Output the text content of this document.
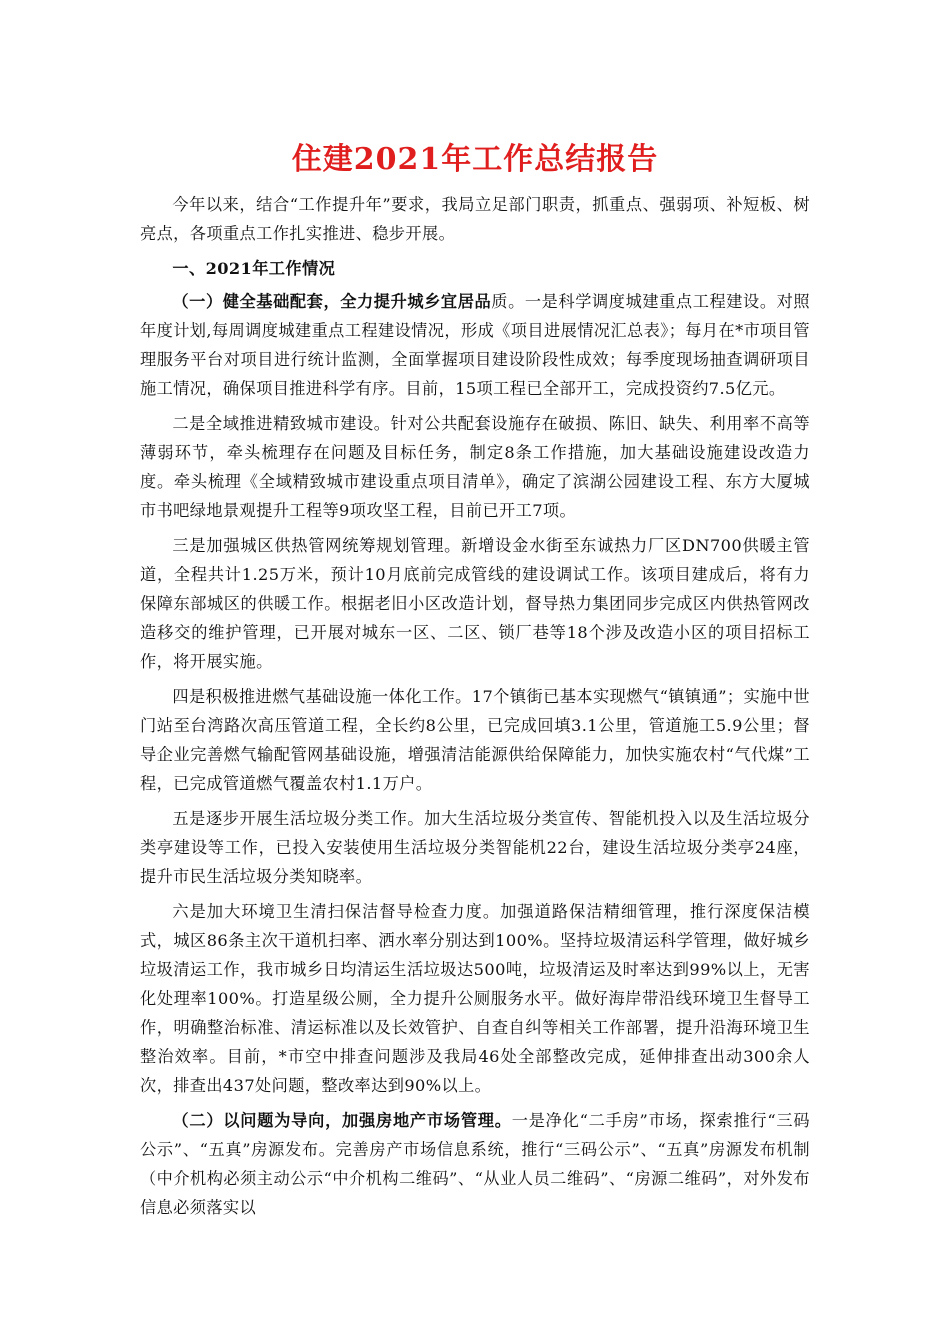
住建2021年工作总结报告

今年以来，结合“工作提升年”要求，我局立足部门职责，抓重点、强弱项、补短板、树亮点，各项重点工作扎实推进、稳步开展。

一、2021年工作情况

（一）健全基础配套，全力提升城乡宜居品质。一是科学调度城建重点工程建设。对照年度计划,每周调度城建重点工程建设情况，形成《项目进展情况汇总表》；每月在*市项目管理服务平台对项目进行统计监测，全面掌握项目建设阶段性成效；每季度现场抽查调研项目施工情况，确保项目推进科学有序。目前，15项工程已全部开工，完成投资约7.5亿元。

二是全域推进精致城市建设。针对公共配套设施存在破损、陈旧、缺失、利用率不高等薄弱环节，牵头梳理存在问题及目标任务，制定8条工作措施，加大基础设施建设改造力度。牵头梳理《全域精致城市建设重点项目清单》，确定了滨湖公园建设工程、东方大厦城市书吧绿地景观提升工程等9项攻坚工程，目前已开工7项。

三是加强城区供热管网统筹规划管理。新增设金水街至东诚热力厂区DN700供暖主管道，全程共计1.25万米，预计10月底前完成管线的建设调试工作。该项目建成后，将有力保障东部城区的供暖工作。根据老旧小区改造计划，督导热力集团同步完成区内供热管网改造移交的维护管理，已开展对城东一区、二区、锁厂巷等18个涉及改造小区的项目招标工作，将开展实施。

四是积极推进燃气基础设施一体化工作。17个镇街已基本实现燃气“镇镇通”；实施中世门站至台湾路次高压管道工程，全长约8公里，已完成回填3.1公里，管道施工5.9公里；督导企业完善燃气输配管网基础设施，增强清洁能源供给保障能力，加快实施农村“气代煤”工程，已完成管道燃气覆盖农村1.1万户。

五是逐步开展生活垃圾分类工作。加大生活垃圾分类宣传、智能机投入以及生活垃圾分类亭建设等工作，已投入安装使用生活垃圾分类智能机22台，建设生活垃圾分类亭24座，提升市民生活垃圾分类知晓率。

六是加大环境卫生清扫保洁督导检查力度。加强道路保洁精细管理，推行深度保洁模式，城区86条主次干道机扫率、洒水率分别达到100%。坚持垃圾清运科学管理，做好城乡垃圾清运工作，我市城乡日均清运生活垃圾达500吨，垃圾清运及时率达到99%以上，无害化处理率100%。打造星级公厕，全力提升公厕服务水平。做好海岸带沿线环境卫生督导工作，明确整治标准、清运标准以及长效管护、自查自纠等相关工作部署，提升沿海环境卫生整治效率。目前，*市空中排查问题涉及我局46处全部整改完成，延伸排查出动300余人次，排查出437处问题，整改率达到90%以上。

（二）以问题为导向，加强房地产市场管理。一是净化“二手房”市场，探索推行“三码公示”、“五真”房源发布。完善房产市场信息系统，推行“三码公示”、“五真”房源发布机制（中介机构必须主动公示“中介机构二维码”、“从业人员二维码”、“房源二维码”，对外发布信息必须落实以
